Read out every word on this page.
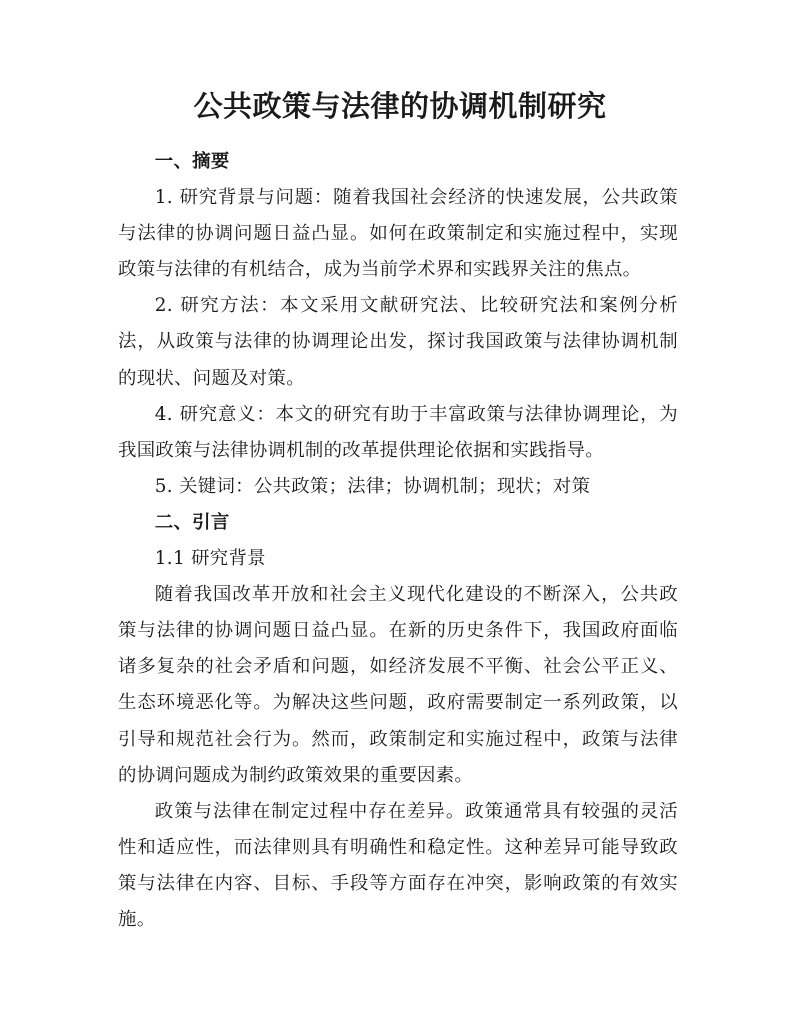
公共政策与法律的协调机制研究

一、摘要

1. 研究背景与问题：随着我国社会经济的快速发展，公共政策与法律的协调问题日益凸显。如何在政策制定和实施过程中，实现政策与法律的有机结合，成为当前学术界和实践界关注的焦点。

2. 研究方法：本文采用文献研究法、比较研究法和案例分析法，从政策与法律的协调理论出发，探讨我国政策与法律协调机制的现状、问题及对策。

4. 研究意义：本文的研究有助于丰富政策与法律协调理论，为我国政策与法律协调机制的改革提供理论依据和实践指导。

5. 关键词：公共政策；法律；协调机制；现状；对策

二、引言

1.1 研究背景

随着我国改革开放和社会主义现代化建设的不断深入，公共政策与法律的协调问题日益凸显。在新的历史条件下，我国政府面临诸多复杂的社会矛盾和问题，如经济发展不平衡、社会公平正义、生态环境恶化等。为解决这些问题，政府需要制定一系列政策，以引导和规范社会行为。然而，政策制定和实施过程中，政策与法律的协调问题成为制约政策效果的重要因素。

政策与法律在制定过程中存在差异。政策通常具有较强的灵活性和适应性，而法律则具有明确性和稳定性。这种差异可能导致政策与法律在内容、目标、手段等方面存在冲突，影响政策的有效实施。
